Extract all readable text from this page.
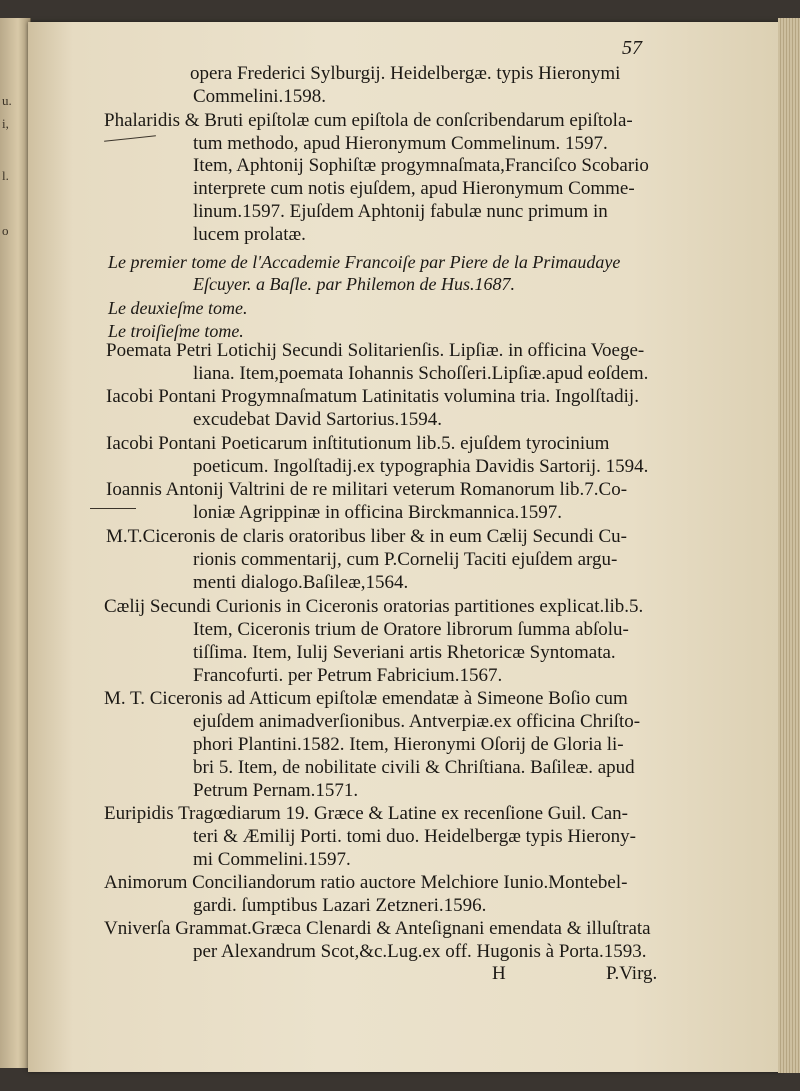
u.
i,
l.
o
57
opera Frederici Sylburgij. Heidelbergæ. typis Hieronymi
Commelini.1598.
Phalaridis & Bruti epiſtolæ cum epiſtola de conſcribendarum epiſtola-
tum methodo, apud Hieronymum Commelinum. 1597.
Item, Aphtonij Sophiſtæ progymnaſmata,Franciſco Scobario
interprete cum notis ejuſdem, apud Hieronymum Comme-
linum.1597. Ejuſdem Aphtonij fabulæ nunc primum in
lucem prolatæ.
Le premier tome de l'Accademie Francoiſe par Piere de la Primaudaye
Eſcuyer. a Baſle. par Philemon de Hus.1687.
Le deuxieſme tome.
Le troiſieſme tome.
Poemata Petri Lotichij Secundi Solitarienſis. Lipſiæ. in officina Voege-
liana. Item,poemata Iohannis Schoſſeri.Lipſiæ.apud eoſdem.
Iacobi Pontani Progymnaſmatum Latinitatis volumina tria. Ingolſtadij.
excudebat David Sartorius.1594.
Iacobi Pontani Poeticarum inſtitutionum lib.5. ejuſdem tyrocinium
poeticum. Ingolſtadij.ex typographia Davidis Sartorij. 1594.
Ioannis Antonij Valtrini de re militari veterum Romanorum lib.7.Co-
loniæ Agrippinæ in officina Birckmannica.1597.
M.T.Ciceronis de claris oratoribus liber & in eum Cælij Secundi Cu-
rionis commentarij, cum P.Cornelij Taciti ejuſdem argu-
menti dialogo.Baſileæ,1564.
Cælij Secundi Curionis in Ciceronis oratorias partitiones explicat.lib.5.
Item, Ciceronis trium de Oratore librorum ſumma abſolu-
tiſſima. Item, Iulij Severiani artis Rhetoricæ Syntomata.
Francofurti. per Petrum Fabricium.1567.
M. T. Ciceronis ad Atticum epiſtolæ emendatæ à Simeone Boſio cum
ejuſdem animadverſionibus. Antverpiæ.ex officina Chriſto-
phori Plantini.1582. Item, Hieronymi Oſorij de Gloria li-
bri 5. Item, de nobilitate civili & Chriſtiana. Baſileæ. apud
Petrum Pernam.1571.
Euripidis Tragœdiarum 19. Græce & Latine ex recenſione Guil. Can-
teri & Æmilij Porti. tomi duo. Heidelbergæ typis Hierony-
mi Commelini.1597.
Animorum Conciliandorum ratio auctore Melchiore Iunio.Montebel-
gardi. ſumptibus Lazari Zetzneri.1596.
Vniverſa Grammat.Græca Clenardi & Anteſignani emendata & illuſtrata
per Alexandrum Scot,&c.Lug.ex off. Hugonis à Porta.1593.
H	P.Virg.
